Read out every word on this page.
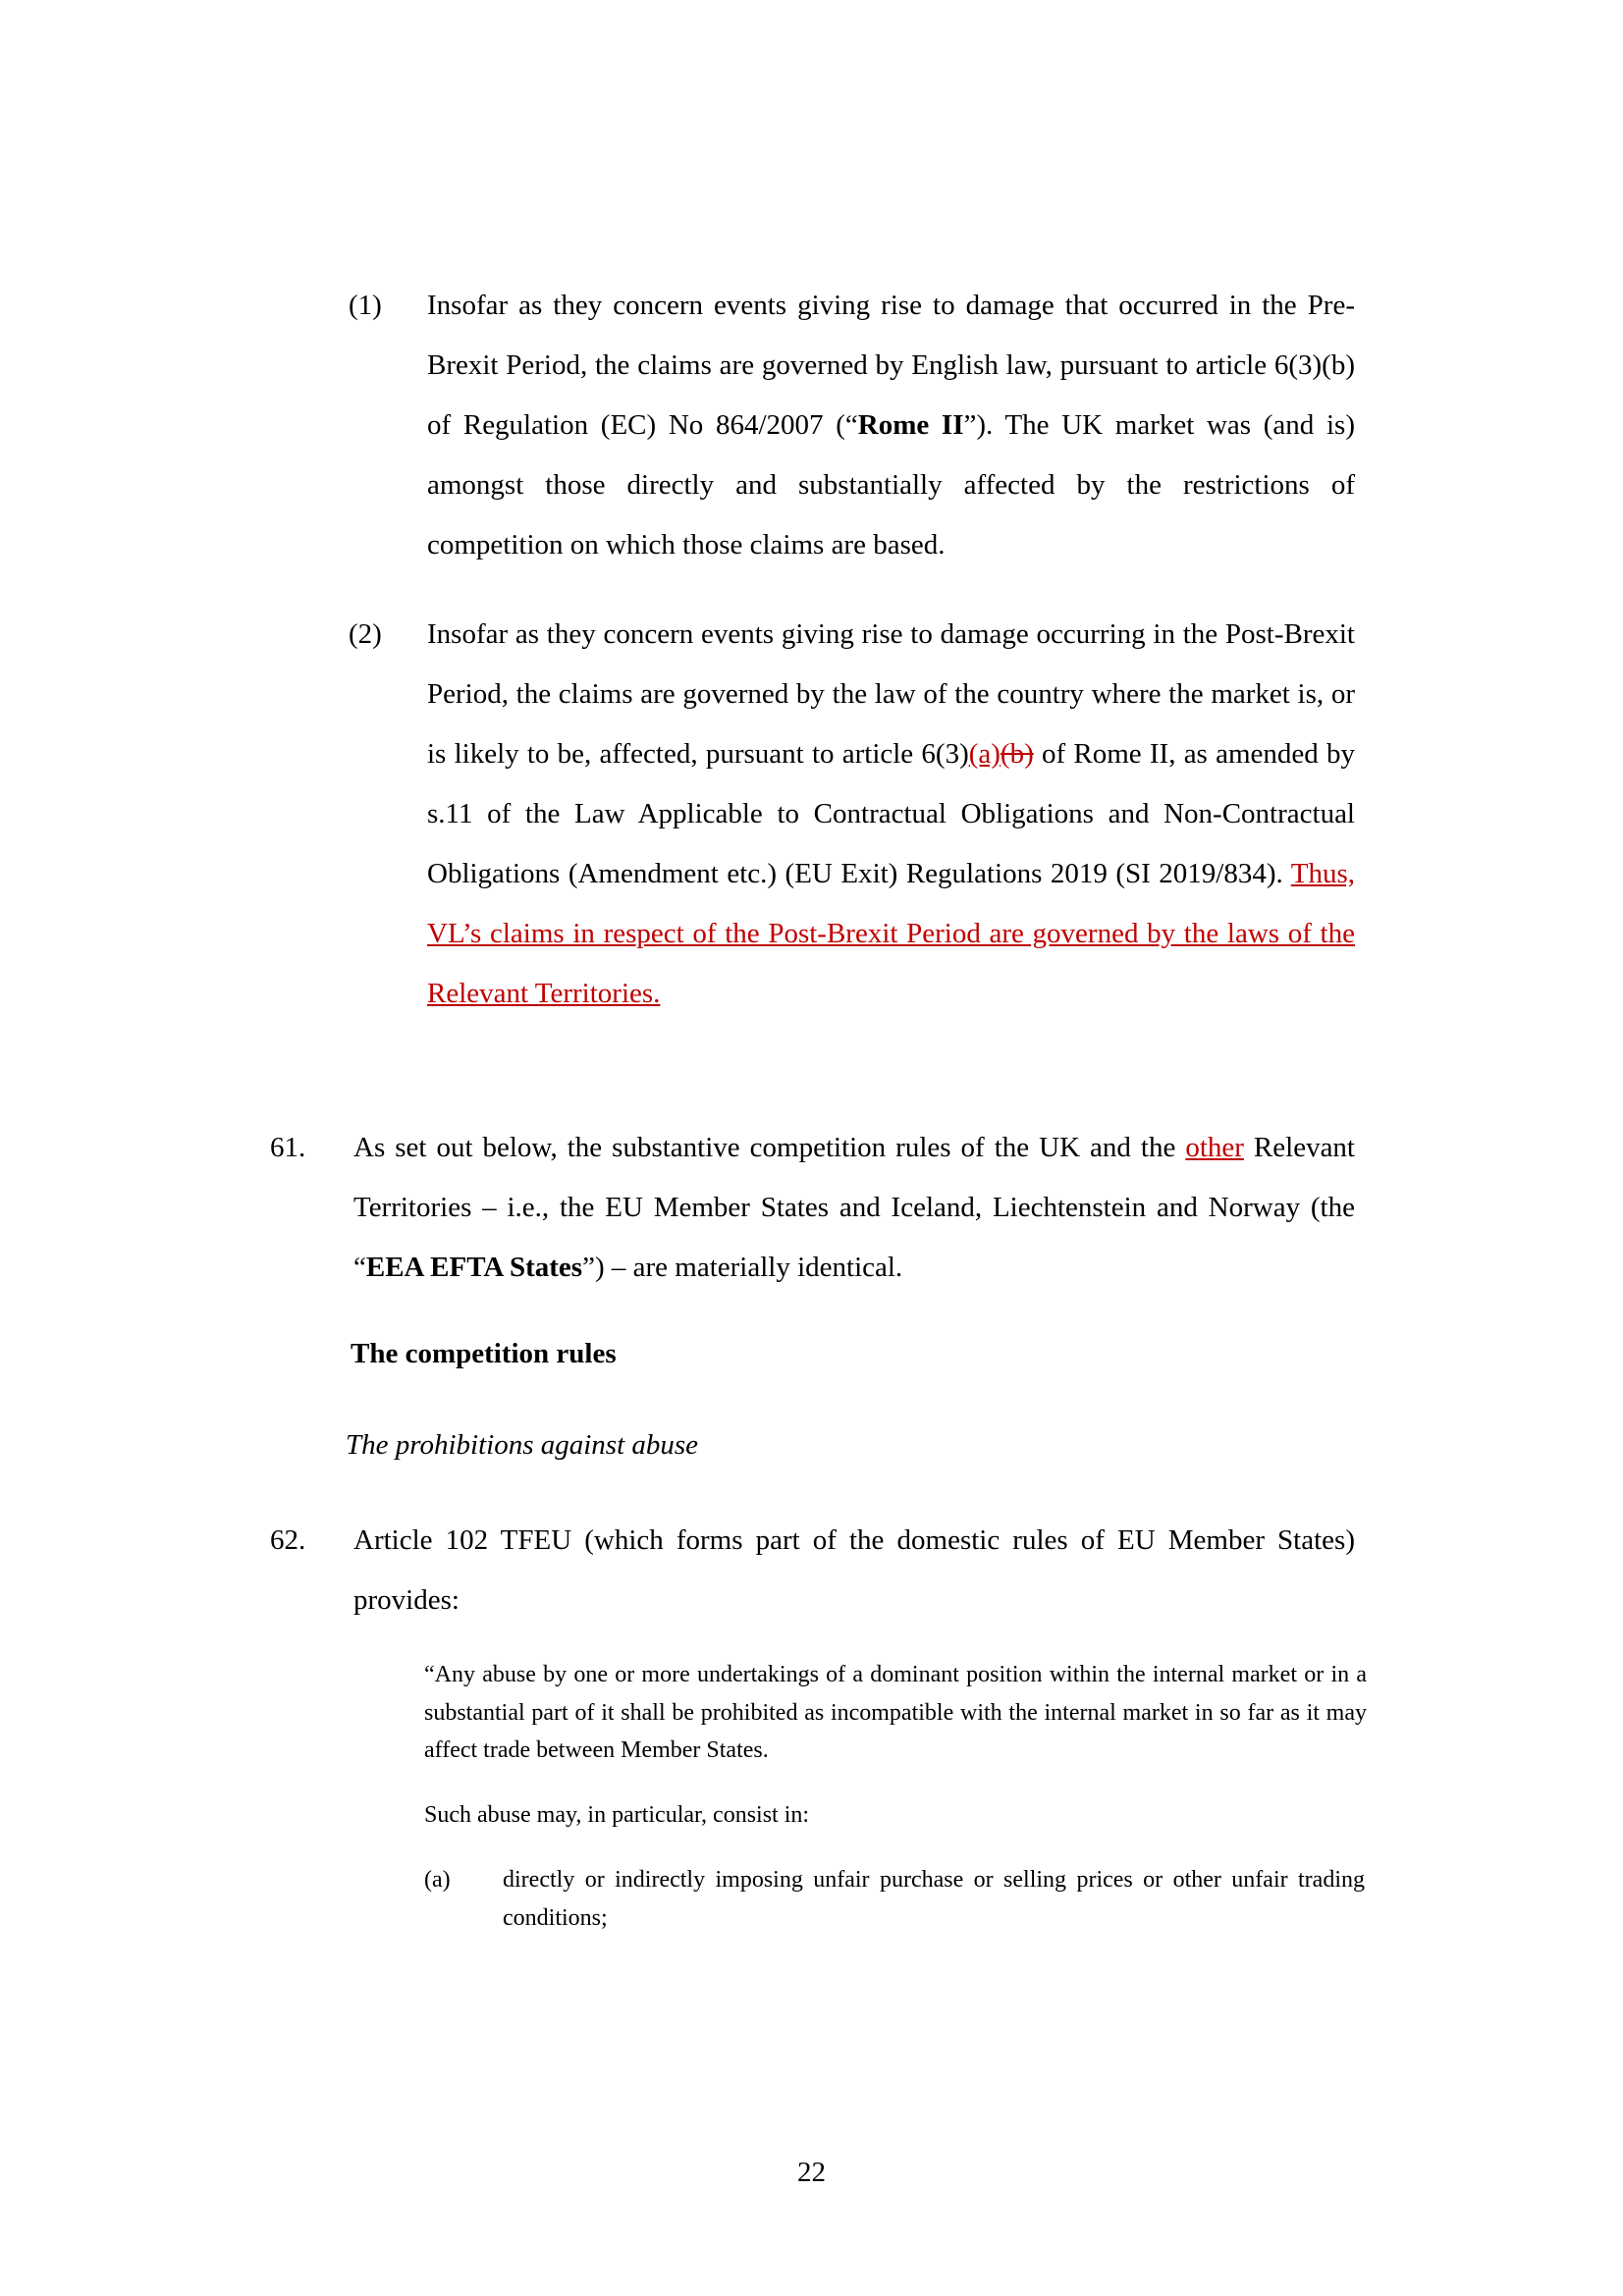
(1) Insofar as they concern events giving rise to damage that occurred in the Pre-Brexit Period, the claims are governed by English law, pursuant to article 6(3)(b) of Regulation (EC) No 864/2007 (“Rome II”). The UK market was (and is) amongst those directly and substantially affected by the restrictions of competition on which those claims are based.
(2) Insofar as they concern events giving rise to damage occurring in the Post-Brexit Period, the claims are governed by the law of the country where the market is, or is likely to be, affected, pursuant to article 6(3)(a)(b) of Rome II, as amended by s.11 of the Law Applicable to Contractual Obligations and Non-Contractual Obligations (Amendment etc.) (EU Exit) Regulations 2019 (SI 2019/834). Thus, VL’s claims in respect of the Post-Brexit Period are governed by the laws of the Relevant Territories.
61. As set out below, the substantive competition rules of the UK and the other Relevant Territories – i.e., the EU Member States and Iceland, Liechtenstein and Norway (the “EEA EFTA States”) – are materially identical.
The competition rules
The prohibitions against abuse
62. Article 102 TFEU (which forms part of the domestic rules of EU Member States) provides:
“Any abuse by one or more undertakings of a dominant position within the internal market or in a substantial part of it shall be prohibited as incompatible with the internal market in so far as it may affect trade between Member States.
Such abuse may, in particular, consist in:
(a) directly or indirectly imposing unfair purchase or selling prices or other unfair trading conditions;
22
